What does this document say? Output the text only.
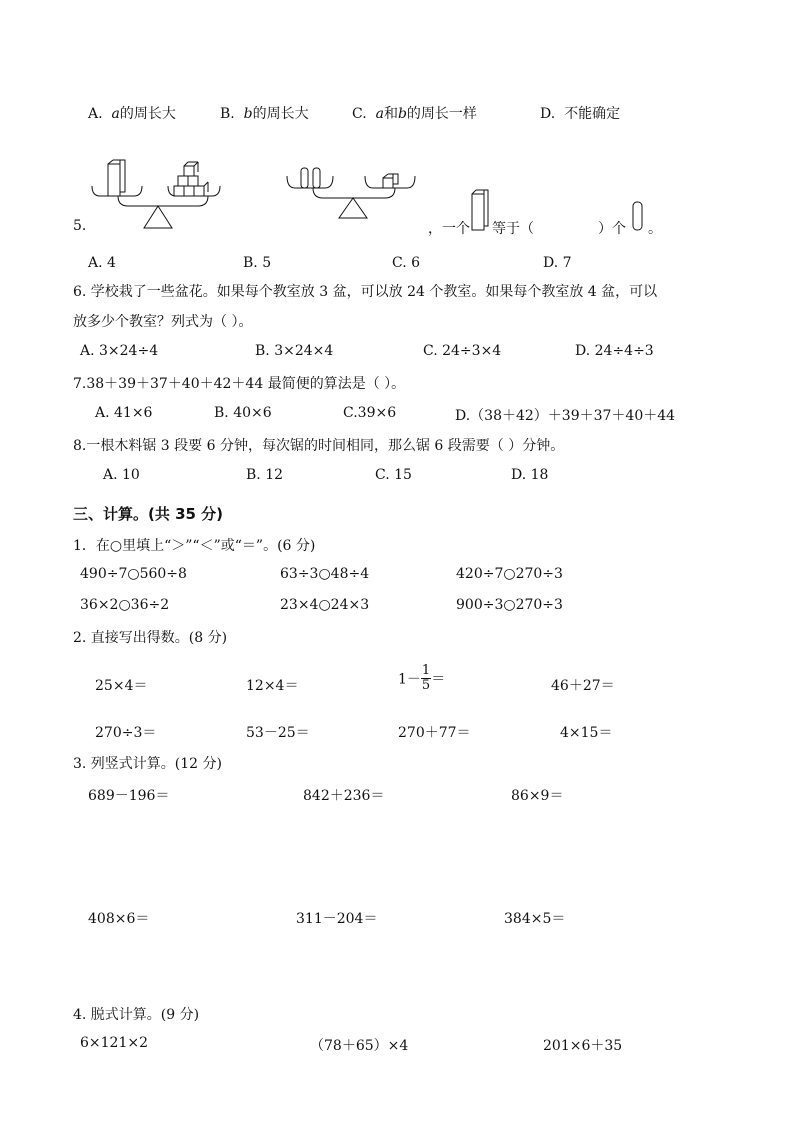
A. a的周长大	B. b的周长大	C. a和b的周长一样	D. 不能确定
5.	，一个 等于（	）个 。
A. 4	B. 5	C. 6	D. 7
6. 学校栽了一些盆花。如果每个教室放 3 盆，可以放 24 个教室。如果每个教室放 4 盆，可以
放多少个教室？列式为（ ）。
A. 3×24÷4	B. 3×24×4	C. 24÷3×4	D. 24÷4÷3
7.38＋39＋37＋40＋42＋44 最简便的算法是（ ）。
A. 41×6	B. 40×6	C.39×6	D.（38＋42）＋39＋37＋40＋44
8.一根木料锯 3 段要 6 分钟，每次锯的时间相同，那么锯 6 段需要（ ）分钟。
A. 10	B. 12	C. 15	D. 18
三、计算。(共 35 分)
1．在○里填上“＞”“＜”或“＝”。(6 分)
490÷7○560÷8	63÷3○48÷4	420÷7○270÷3
36×2○36÷2	23×4○24×3	900÷3○270÷3
2. 直接写出得数。(8 分)
25×4＝	12×4＝	$1- \frac{1}{5}$ ＝	46＋27＝
270÷3＝	53－25＝	270＋77＝	4×15＝
3. 列竖式计算。(12 分)
689－196＝	842＋236＝	86×9＝
408×6＝	311－204＝	384×5＝
4. 脱式计算。(9 分)
6×121×2	（78＋65）×4	201×6＋35
